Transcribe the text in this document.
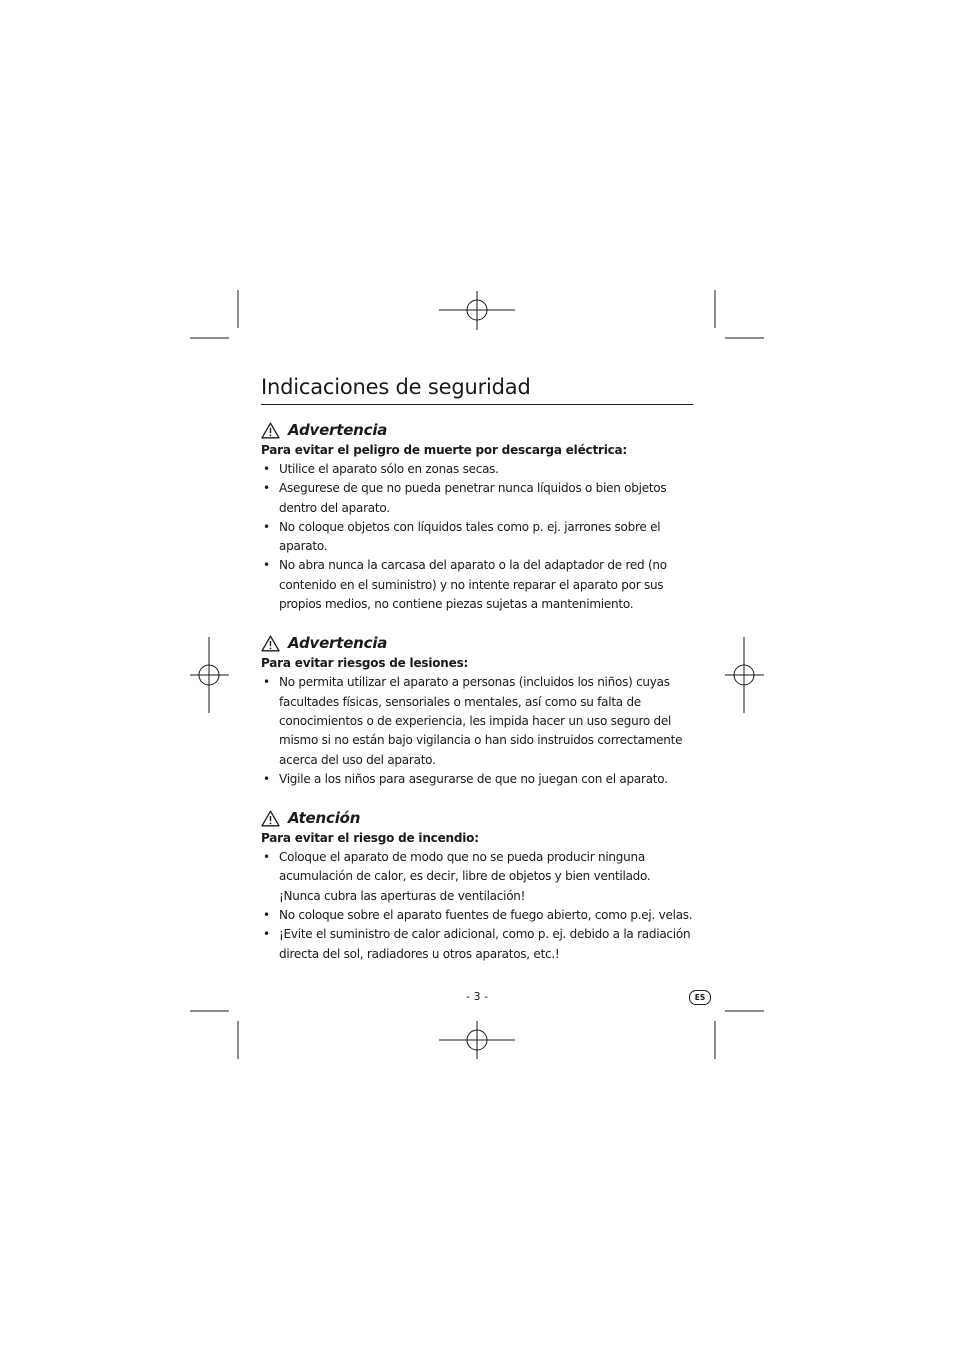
Indicaciones de seguridad
Advertencia
Para evitar el peligro de muerte por descarga eléctrica:
• Utilice el aparato sólo en zonas secas.
• Asegurese de que no pueda penetrar nunca líquidos o bien objetos dentro del aparato.
• No coloque objetos con líquidos tales como p. ej. jarrones sobre el aparato.
• No abra nunca la carcasa del aparato o la del adaptador de red (no contenido en el suministro) y no intente reparar el aparato por sus propios medios, no contiene piezas sujetas a mantenimiento.
Advertencia
Para evitar riesgos de lesiones:
• No permita utilizar el aparato a personas (incluidos los niños) cuyas facultades físicas, sensoriales o mentales, así como su falta de conocimientos o de experiencia, les impida hacer un uso seguro del mismo si no están bajo vigilancia o han sido instruidos correctamente acerca del uso del aparato.
• Vigile a los niños para asegurarse de que no juegan con el aparato.
Atención
Para evitar el riesgo de incendio:
• Coloque el aparato de modo que no se pueda producir ninguna acumulación de calor, es decir, libre de objetos y bien ventilado. ¡Nunca cubra las aperturas de ventilación!
• No coloque sobre el aparato fuentes de fuego abierto, como p.ej. velas.
• ¡Evite el suministro de calor adicional, como p. ej. debido a la radiación directa del sol, radiadores u otros aparatos, etc.!
- 3 -	ES
